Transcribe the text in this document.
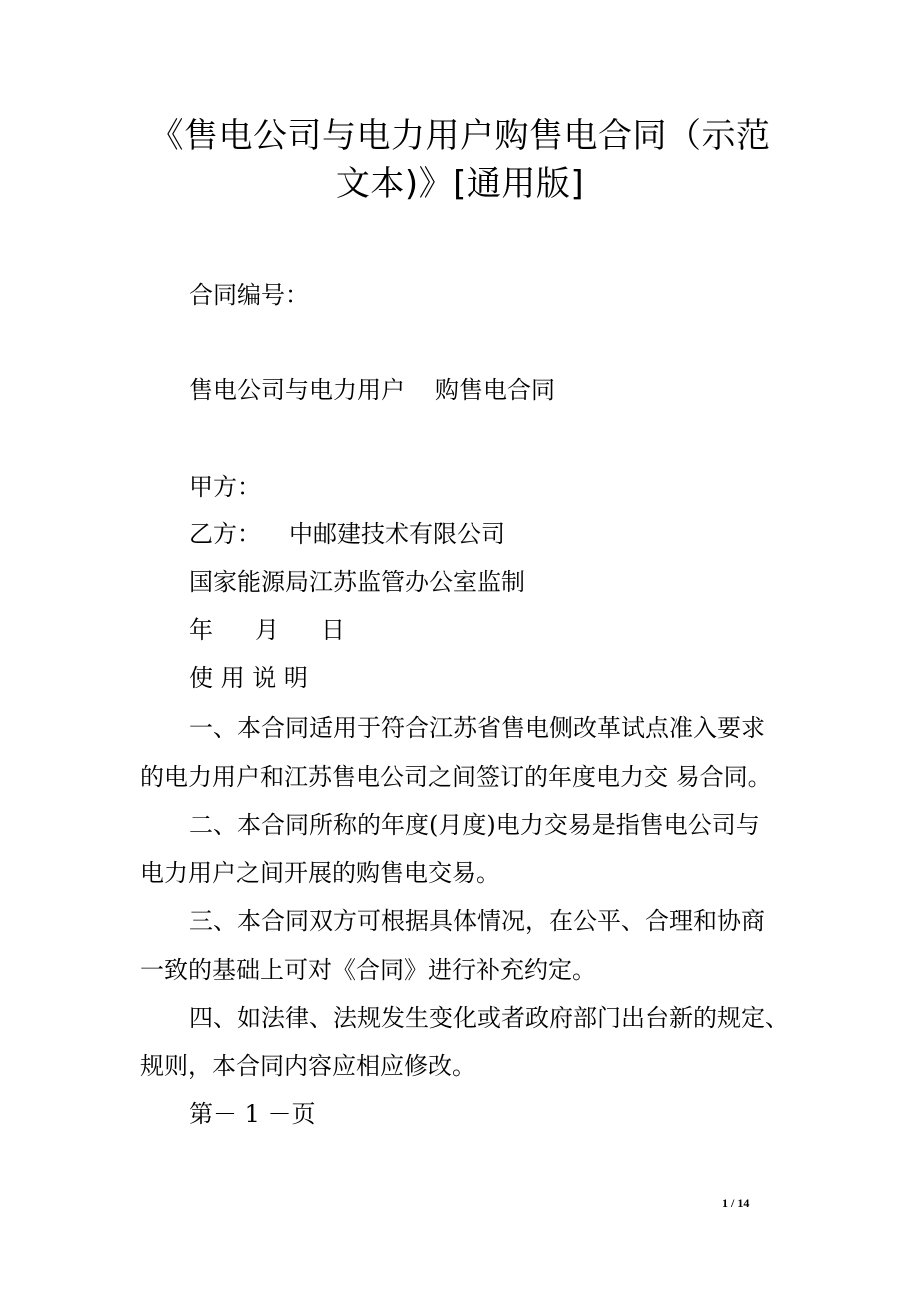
《售电公司与电力用户购售电合同（示范
文本)》[通用版]
合同编号：
售电公司与电力用户 购售电合同
甲方：
乙方： 中邮建技术有限公司
国家能源局江苏监管办公室监制
年 月 日
使 用 说 明
一、本合同适用于符合江苏省售电侧改革试点准入要求
的电力用户和江苏售电公司之间签订的年度电力交 易合同。
二、本合同所称的年度(月度)电力交易是指售电公司与
电力用户之间开展的购售电交易。
三、本合同双方可根据具体情况，在公平、合理和协商
一致的基础上可对《合同》进行补充约定。
四、如法律、法规发生变化或者政府部门出台新的规定、
规则，本合同内容应相应修改。
第－ 1 －页
1 / 14
